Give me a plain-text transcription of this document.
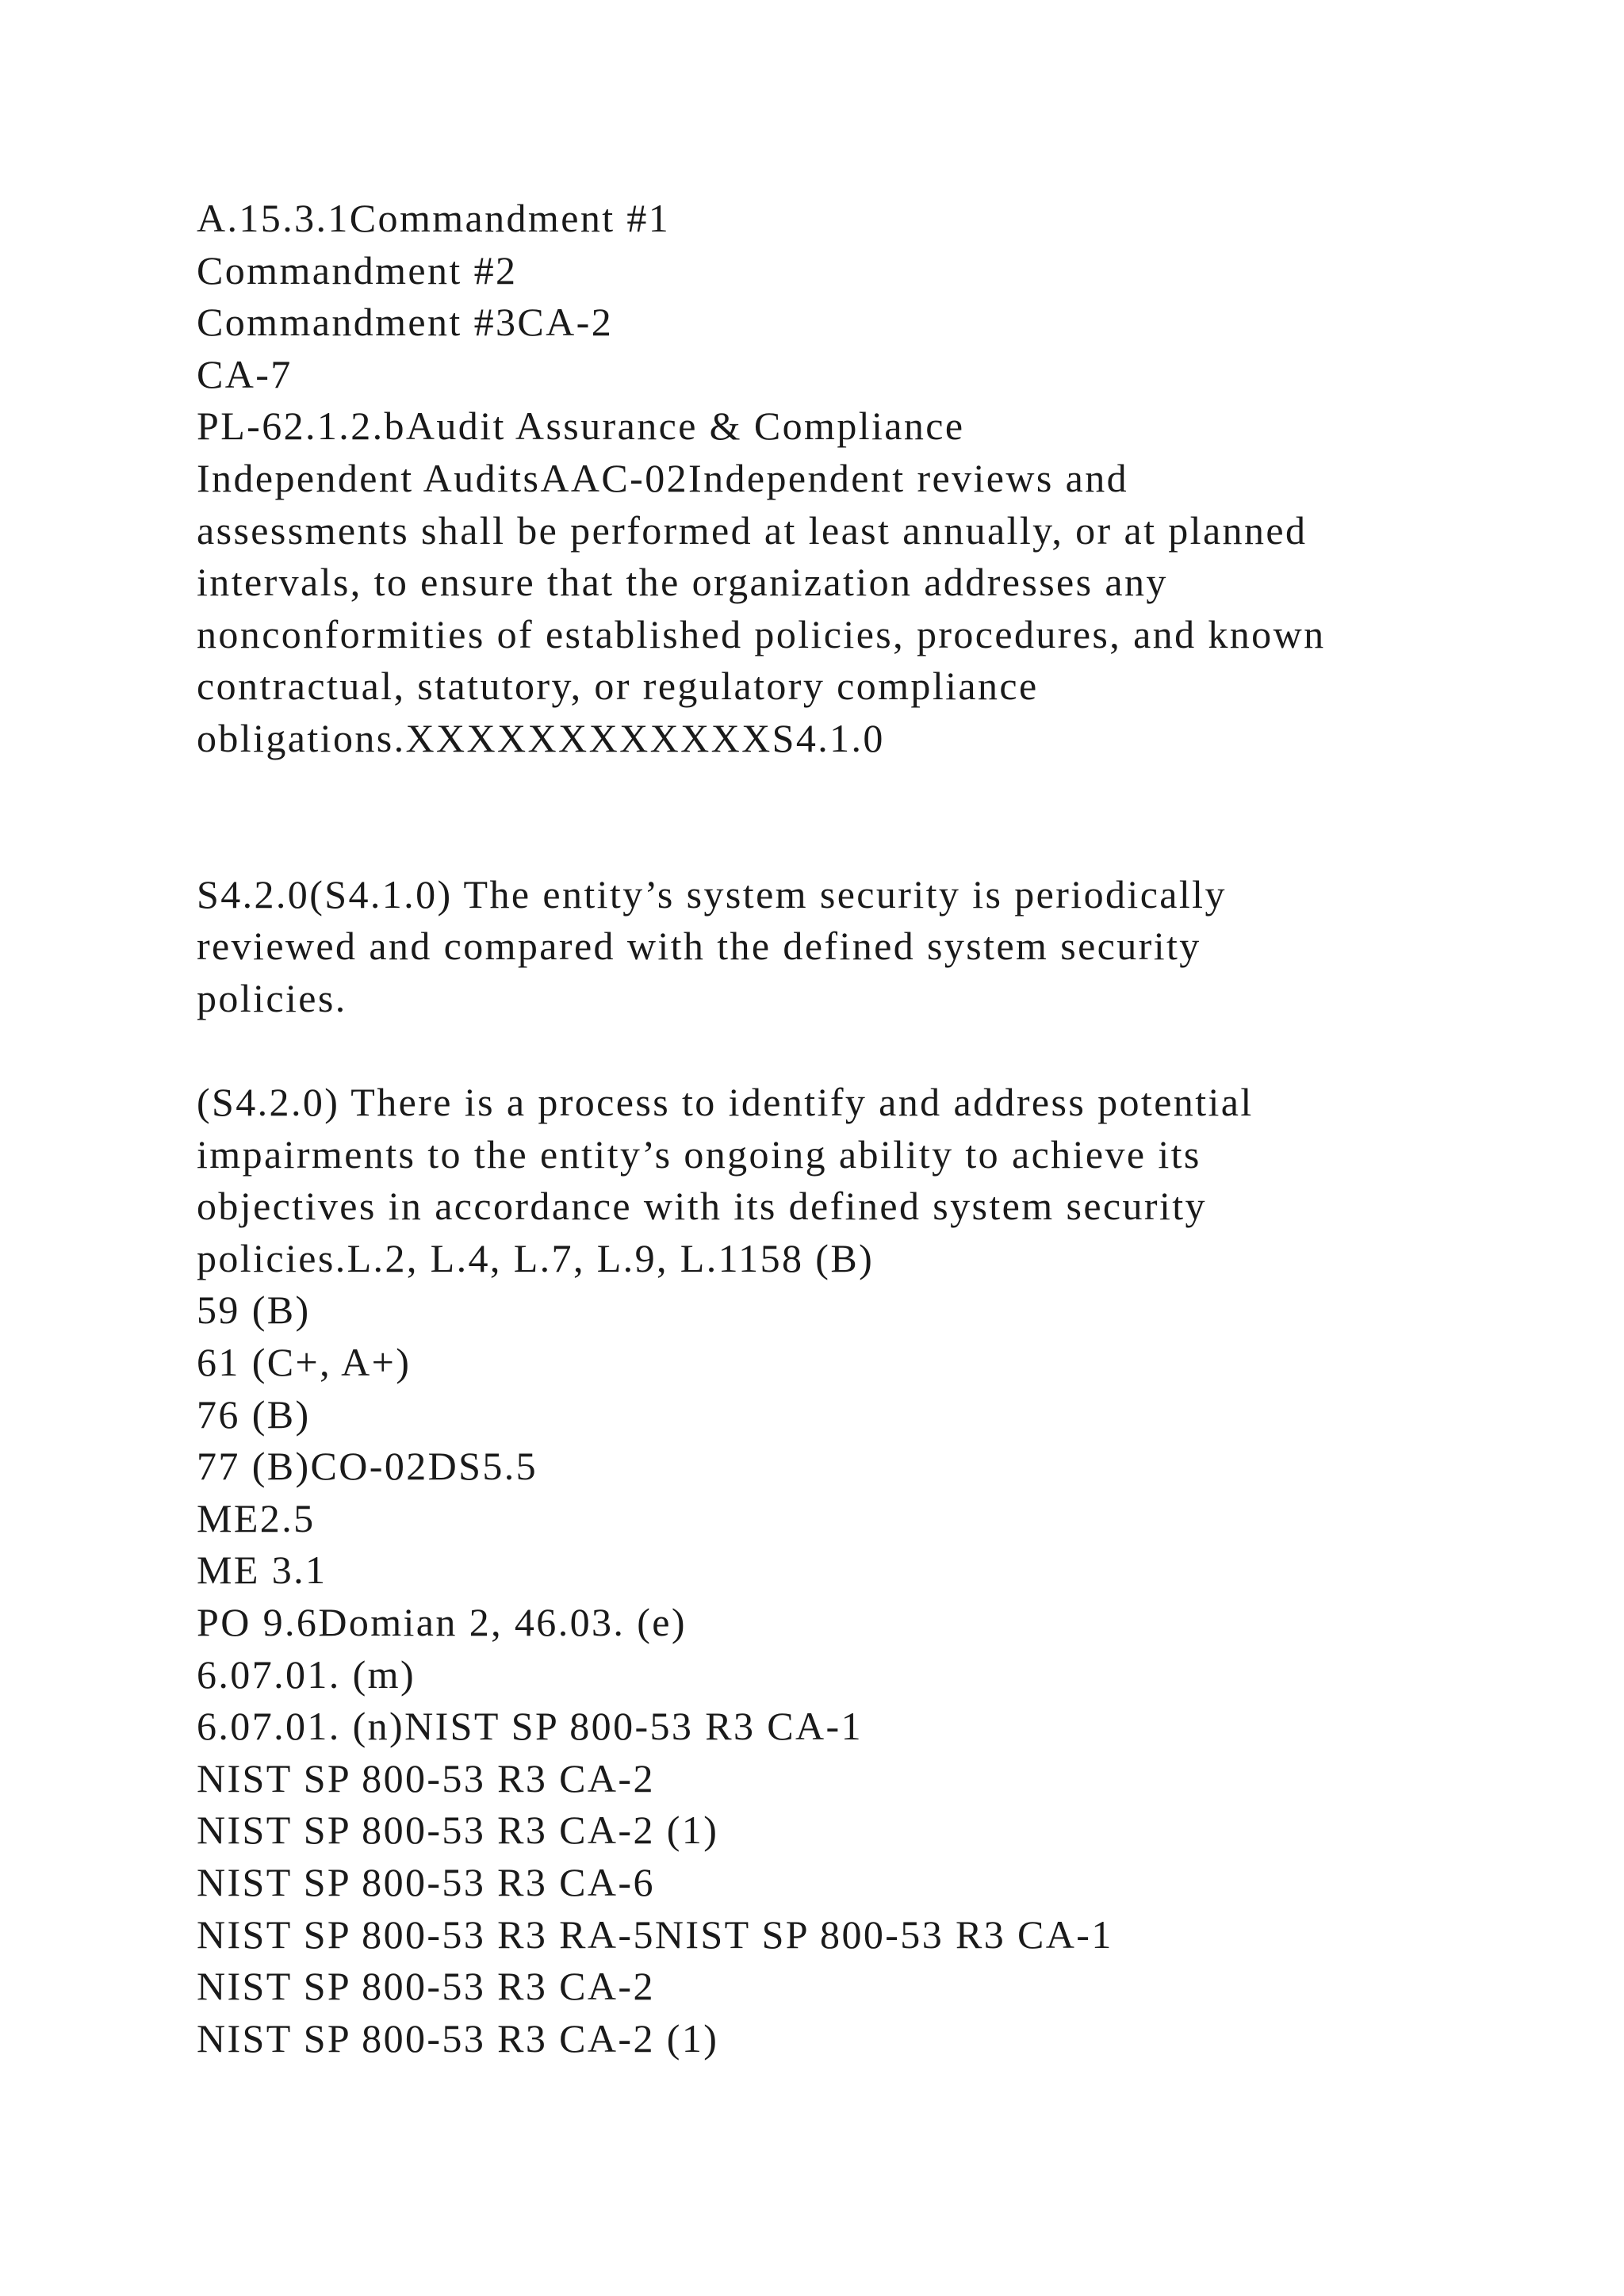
A.15.3.1Commandment #1
Commandment #2
Commandment #3CA-2
CA-7
PL-62.1.2.bAudit Assurance & Compliance
Independent AuditsAAC-02Independent reviews and
assessments shall be performed at least annually, or at planned
intervals, to ensure that the organization addresses any
nonconformities of established policies, procedures, and known
contractual, statutory, or regulatory compliance
obligations.XXXXXXXXXXXXS4.1.0
S4.2.0(S4.1.0) The entity’s system security is periodically
reviewed and compared with the defined system security
policies.
(S4.2.0) There is a process to identify and address potential
impairments to the entity’s ongoing ability to achieve its
objectives in accordance with its defined system security
policies.L.2, L.4, L.7, L.9, L.1158 (B)
59 (B)
61 (C+, A+)
76 (B)
77 (B)CO-02DS5.5
ME2.5
ME 3.1
PO 9.6Domian 2, 46.03. (e)
6.07.01. (m)
6.07.01. (n)NIST SP 800-53 R3 CA-1
NIST SP 800-53 R3 CA-2
NIST SP 800-53 R3 CA-2 (1)
NIST SP 800-53 R3 CA-6
NIST SP 800-53 R3 RA-5NIST SP 800-53 R3 CA-1
NIST SP 800-53 R3 CA-2
NIST SP 800-53 R3 CA-2 (1)
